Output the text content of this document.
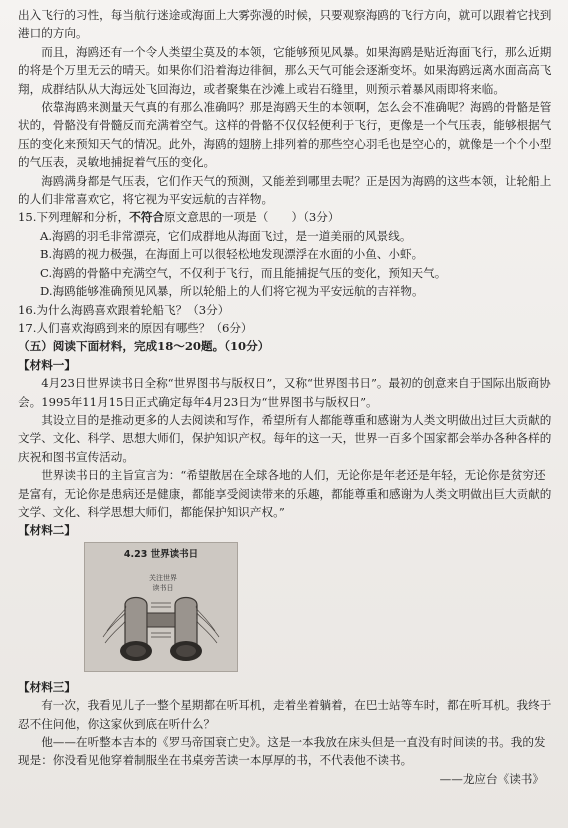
出入飞行的习性，每当航行迷途或海面上大雾弥漫的时候，只要观察海鸥的飞行方向，就可以跟着它找到港口的方向。

而且，海鸥还有一个令人类望尘莫及的本领，它能够预见风暴。如果海鸥是贴近海面飞行，那么近期的将是个万里无云的晴天。如果你们沿着海边徘徊，那么天气可能会逐渐变坏。如果海鸥远离水面高高飞翔，成群结队从大海远处飞回海边，或者聚集在沙滩上或岩石缝里，则预示着暴风雨即将来临。

依靠海鸥来测量天气真的有那么准确吗？那是海鸥天生的本领啊，怎么会不准确呢？海鸥的骨骼是管状的，骨骼没有骨髓反而充满着空气。这样的骨骼不仅仅轻便利于飞行，更像是一个气压表，能够根据气压的变化来预知天气的情况。此外，海鸥的翅膀上排列着的那些空心羽毛也是空心的，就像是一个个小型的气压表，灵敏地捕捉着气压的变化。

海鸥满身都是气压表，它们作天气的预测，又能差到哪里去呢？正是因为海鸥的这些本领，让轮船上的人们非常喜欢它，将它视为平安远航的吉祥物。

15.下列理解和分析，不符合原文意思的一项是（　　）（3分）

A.海鸥的羽毛非常漂亮，它们成群地从海面飞过，是一道美丽的风景线。

B.海鸥的视力极强，在海面上可以很轻松地发现漂浮在水面的小鱼、小虾。

C.海鸥的骨骼中充满空气，不仅利于飞行，而且能捕捉气压的变化，预知天气。

D.海鸥能够准确预见风暴，所以轮船上的人们将它视为平安远航的吉祥物。

16.为什么海鸥喜欢跟着轮船飞？（3分）

17.人们喜欢海鸥到来的原因有哪些？（6分）

（五）阅读下面材料，完成18～20题。（10分）

【材料一】

4月23日世界读书日全称“世界图书与版权日”，又称“世界图书日”。最初的创意来自于国际出版商协会。1995年11月15日正式确定每年4月23日为“世界图书与版权日”。

其设立目的是推动更多的人去阅读和写作，希望所有人都能尊重和感谢为人类文明做出过巨大贡献的文学、文化、科学、思想大师们，保护知识产权。每年的这一天，世界一百多个国家都会举办各种各样的庆祝和图书宣传活动。

世界读书日的主旨宣言为：“希望散居在全球各地的人们，无论你是年老还是年轻，无论你是贫穷还是富有，无论你是患病还是健康，都能享受阅读带来的乐趣，都能尊重和感谢为人类文明做出巨大贡献的文学、文化、科学思想大师们，都能保护知识产权。”

【材料二】

4.23 世界读书日
关注世界
读书日

【材料三】

有一次，我看见儿子一整个星期都在听耳机，走着坐着躺着，在巴士站等车时，都在听耳机。我终于忍不住问他，你这家伙到底在听什么？

他——在听整本吉本的《罗马帝国衰亡史》。这是一本我放在床头但是一直没有时间读的书。我的发现是：你没看见他穿着制服坐在书桌旁苦读一本厚厚的书，不代表他不读书。

——龙应台《读书》
